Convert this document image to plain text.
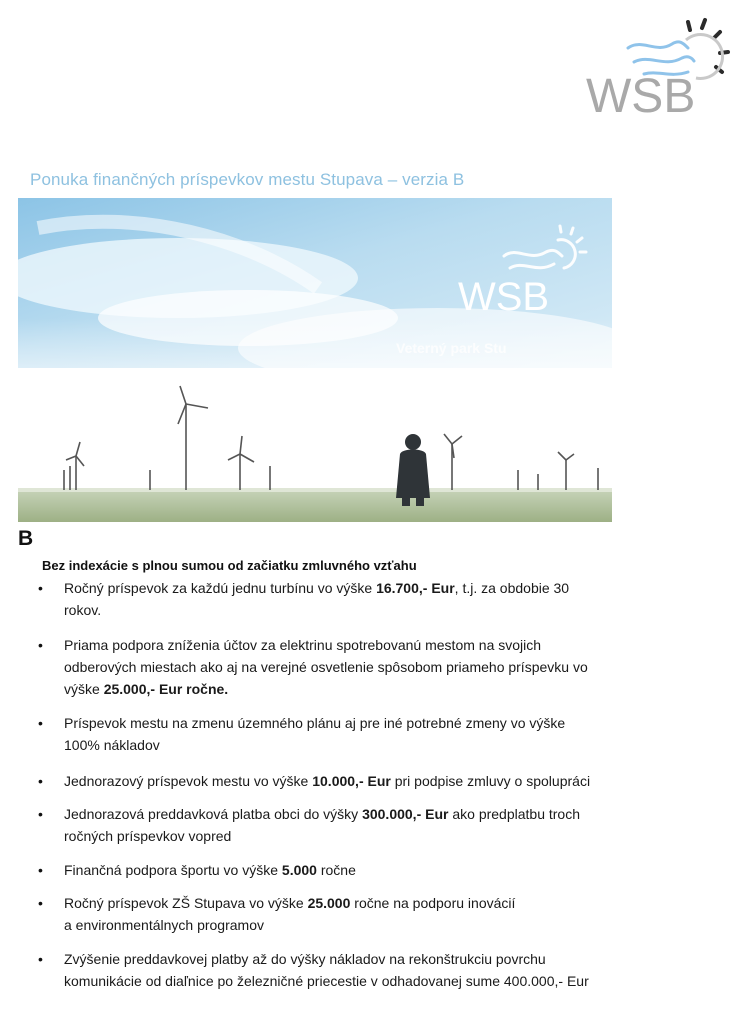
WSB
Ponuka finančných príspevkov mestu Stupava – verzia B
WSB
Veterný park Stu
B
Bez indexácie s plnou sumou od začiatku zmluvného vzťahu
• Ročný príspevok za každú jednu turbínu vo výške 16.700,- Eur, t.j. za obdobie 30
rokov.
• Priama podpora zníženia účtov za elektrinu spotrebovanú mestom na svojich
odberových miestach ako aj na verejné osvetlenie spôsobom priameho príspevku vo
výške 25.000,- Eur ročne.
• Príspevok mestu na zmenu územného plánu aj pre iné potrebné zmeny vo výške
100% nákladov
• Jednorazový príspevok mestu vo výške 10.000,- Eur pri podpise zmluvy o spolupráci
• Jednorazová preddavková platba obci do výšky 300.000,- Eur ako predplatbu troch
ročných príspevkov vopred
• Finančná podpora športu vo výške 5.000 ročne
• Ročný príspevok ZŠ Stupava vo výške 25.000 ročne na podporu inovácií
a environmentálnych programov
• Zvýšenie preddavkovej platby až do výšky nákladov na rekonštrukciu povrchu
komunikácie od diaľnice po železničné priecestie v odhadovanej sume 400.000,- Eur
